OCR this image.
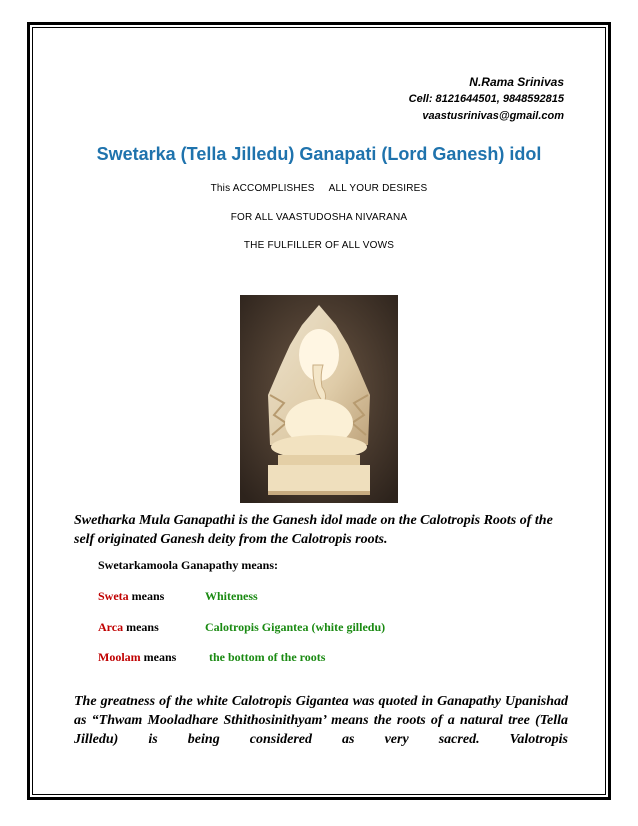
N.Rama Srinivas
Cell: 8121644501, 9848592815
vaastusrinivas@gmail.com
Swetarka (Tella Jilledu) Ganapati (Lord Ganesh) idol
This ACCOMPLISHES ALL YOUR DESIRES
FOR ALL VAASTUDOSHA NIVARANA
THE FULFILLER OF ALL VOWS
Swetharka Mula Ganapathi is the Ganesh idol made on the Calotropis Roots of the self originated Ganesh deity from the Calotropis roots.
Swetarkamoola Ganapathy means:
Sweta means	Whiteness
Arca means	Calotropis Gigantea (white gilledu)
Moolam means	the bottom of the roots
The greatness of the white Calotropis Gigantea was quoted in Ganapathy Upanishad as “Thwam Mooladhare Sthithosinithyam’ means the roots of a natural tree (Tella Jilledu) is being considered as very sacred. Valotropis
